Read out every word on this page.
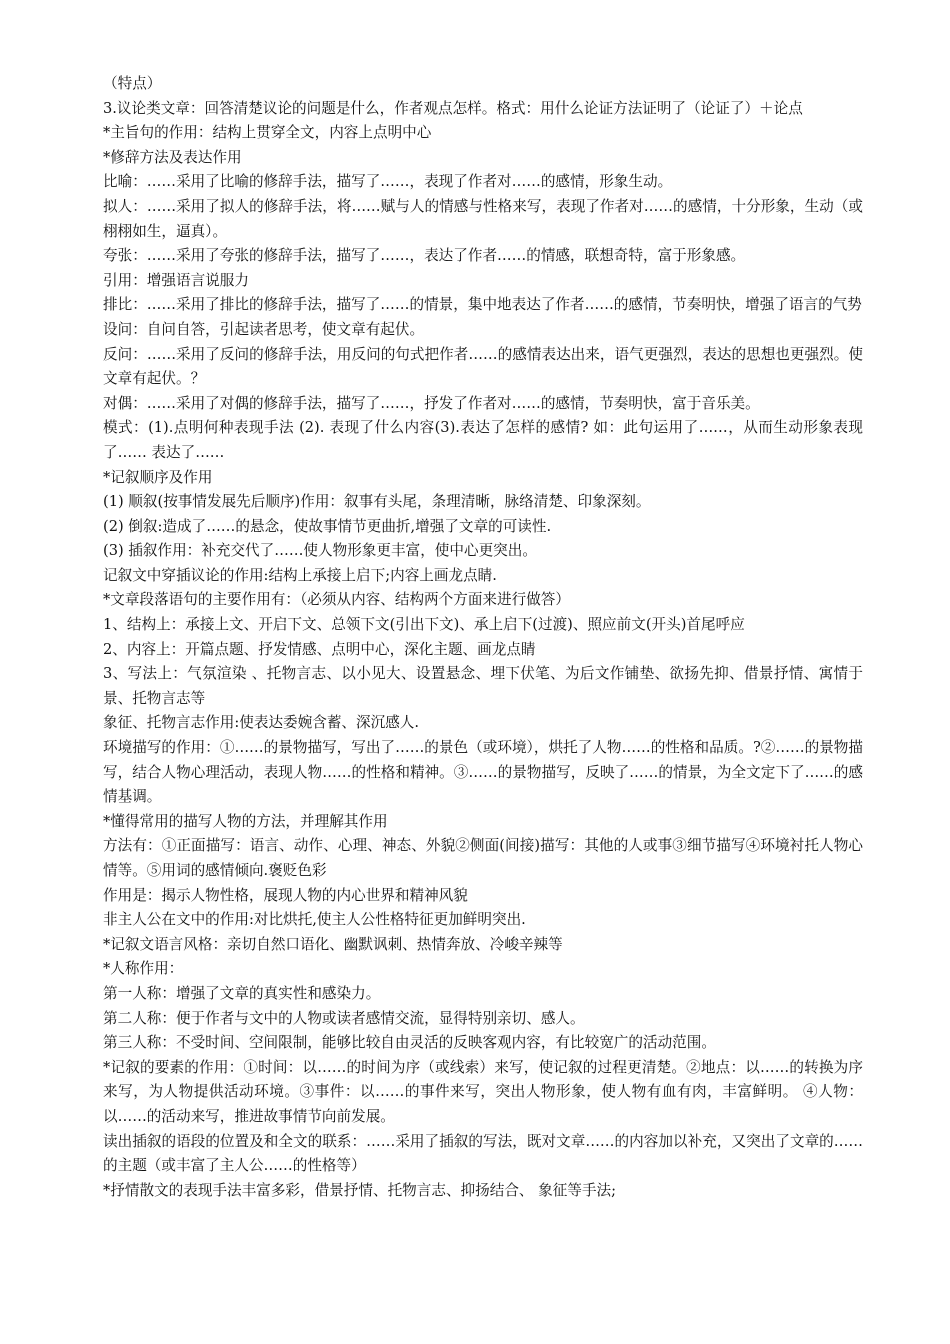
（特点）

3.议论类文章：回答清楚议论的问题是什么，作者观点怎样。格式：用什么论证方法证明了（论证了）＋论点

*主旨句的作用：结构上贯穿全文，内容上点明中心

*修辞方法及表达作用

比喻：……采用了比喻的修辞手法，描写了……，表现了作者对……的感情，形象生动。

拟人：……采用了拟人的修辞手法，将……赋与人的情感与性格来写，表现了作者对……的感情，十分形象，生动（或栩栩如生，逼真）。

夸张：……采用了夸张的修辞手法，描写了……，表达了作者……的情感，联想奇特，富于形象感。

引用：增强语言说服力

排比：……采用了排比的修辞手法，描写了……的情景，集中地表达了作者……的感情，节奏明快，增强了语言的气势

设问：自问自答，引起读者思考，使文章有起伏。

反问：……采用了反问的修辞手法，用反问的句式把作者……的感情表达出来，语气更强烈，表达的思想也更强烈。使文章有起伏。？

对偶：……采用了对偶的修辞手法，描写了……，抒发了作者对……的感情，节奏明快，富于音乐美。

模式：(1).点明何种表现手法 (2). 表现了什么内容(3).表达了怎样的感情? 如：此句运用了……，从而生动形象表现了…… 表达了……

*记叙顺序及作用

(1) 顺叙(按事情发展先后顺序)作用：叙事有头尾，条理清晰，脉络清楚、印象深刻。

(2) 倒叙:造成了……的悬念，使故事情节更曲折,增强了文章的可读性.

(3) 插叙作用：补充交代了……使人物形象更丰富，使中心更突出。

记叙文中穿插议论的作用:结构上承接上启下;内容上画龙点睛.

*文章段落语句的主要作用有：（必须从内容、结构两个方面来进行做答）

1、结构上：承接上文、开启下文、总领下文(引出下文)、承上启下(过渡)、照应前文(开头)首尾呼应

2、内容上：开篇点题、抒发情感、点明中心，深化主题、画龙点睛

3、写法上：气氛渲染 、托物言志、以小见大、设置悬念、埋下伏笔、为后文作铺垫、欲扬先抑、借景抒情、寓情于景、托物言志等

象征、托物言志作用:使表达委婉含蓄、深沉感人.

环境描写的作用：①……的景物描写，写出了……的景色（或环境），烘托了人物……的性格和品质。?②……的景物描写，结合人物心理活动，表现人物……的性格和精神。③……的景物描写，反映了……的情景，为全文定下了……的感情基调。

*懂得常用的描写人物的方法，并理解其作用

方法有：①正面描写：语言、动作、心理、神态、外貌②侧面(间接)描写：其他的人或事③细节描写④环境衬托人物心情等。⑤用词的感情倾向.褒贬色彩

作用是：揭示人物性格，展现人物的内心世界和精神风貌

非主人公在文中的作用:对比烘托,使主人公性格特征更加鲜明突出.

*记叙文语言风格：亲切自然口语化、幽默讽刺、热情奔放、冷峻辛辣等

*人称作用：

第一人称：增强了文章的真实性和感染力。

第二人称：便于作者与文中的人物或读者感情交流，显得特别亲切、感人。

第三人称：不受时间、空间限制，能够比较自由灵活的反映客观内容，有比较宽广的活动范围。

*记叙的要素的作用：①时间：以……的时间为序（或线索）来写，使记叙的过程更清楚。②地点：以……的转换为序来写，为人物提供活动环境。③事件：以……的事件来写，突出人物形象，使人物有血有肉，丰富鲜明。 ④人物：以……的活动来写，推进故事情节向前发展。

读出插叙的语段的位置及和全文的联系：……采用了插叙的写法，既对文章……的内容加以补充，又突出了文章的……的主题（或丰富了主人公……的性格等）

*抒情散文的表现手法丰富多彩，借景抒情、托物言志、抑扬结合、 象征等手法;
